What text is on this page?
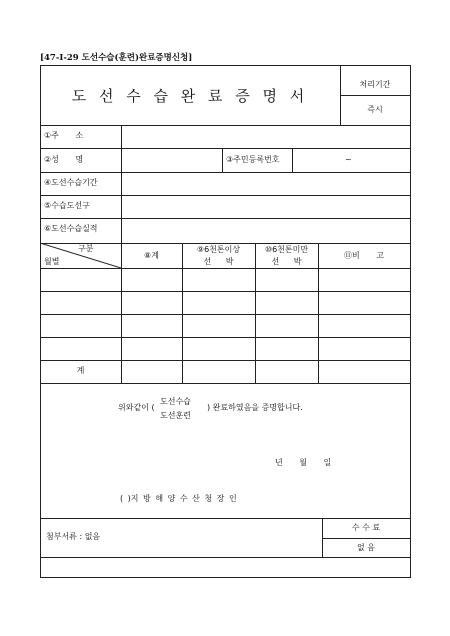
[47-I-29 도선수습(훈련)완료증명신청]
도 선 수 습 완 료 증 명 서
처리기간
즉시
①주 소
②성 명	③주민등록번호	~
④도선수습기간
⑤수습도선구
⑥도선수습실적
구분
월별
⑧계
⑨6천톤이상
선 박
⑩6천톤미만
선 박
⑪비 고
계
위와같이 (
도선수습
도선훈련
) 완료하였음을 증명합니다.
년 월 일
( )지 방 해 양 수 산 청 장 인
첨부서류 : 없음
수 수 료
없 음
